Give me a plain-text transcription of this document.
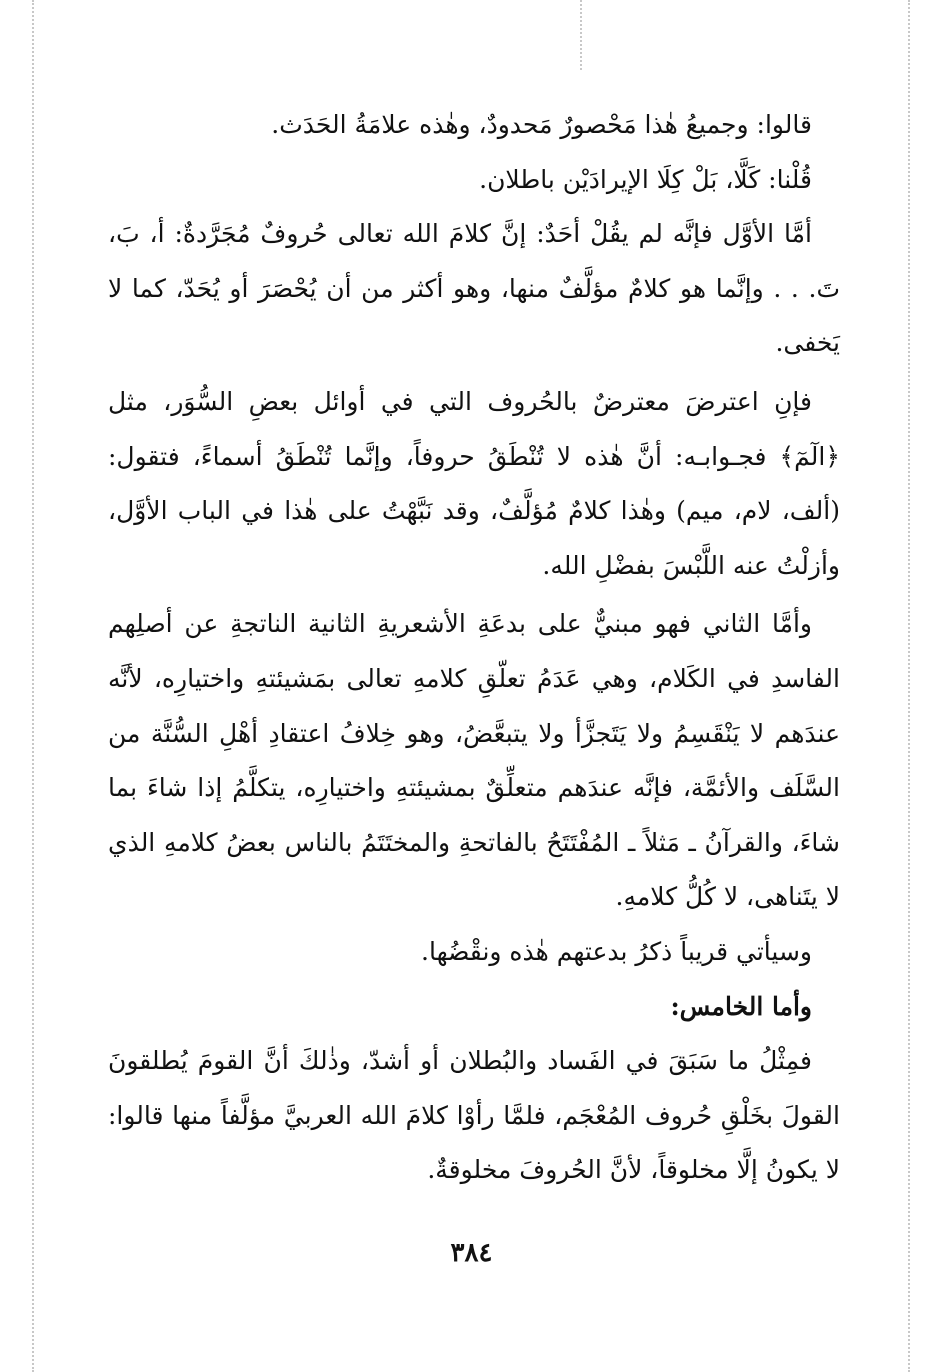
قالوا: وجميعُ هٰذا مَحْصورٌ مَحدودٌ، وهٰذه علامَةُ الحَدَث.

قُلْنا: كَلَّا، بَلْ كِلَا الإيرادَيْن باطلان.

أمَّا الأوَّل فإنَّه لم يقُلْ أحَدٌ: إنَّ كلامَ الله تعالى حُروفٌ مُجَرَّدةٌ: أ، بَ، تَ. . . وإنَّما هو كلامٌ مؤلَّفٌ منها، وهو أكثر من أن يُحْصَرَ أو يُحَدّ، كما لا يَخفى.

فإنِ اعترضَ معترضٌ بالحُروف التي في أوائل بعضِ السُّوَر، مثل ﴿الٓمٓ﴾ فجـوابـه: أنَّ هٰذه لا تُنْطَقُ حروفاً، وإنَّما تُنْطَقُ أسماءً، فتقول: (ألف، لام، ميم) وهٰذا كلامٌ مُؤلَّفٌ، وقد نَبَّهْتُ على هٰذا في الباب الأوَّل، وأزلْتُ عنه اللَّبْسَ بفضْلِ الله.

وأمَّا الثاني فهو مبنيٌّ على بدعَةِ الأشعريةِ الثانية الناتجةِ عن أصلِهم الفاسدِ في الكَلام، وهي عَدَمُ تعلّقِ كلامهِ تعالى بمَشيئتهِ واختيارِه، لأنَّه عندَهم لا يَنْقَسِمُ ولا يَتَجزَّأ ولا يتبعَّضُ، وهو خِلافُ اعتقادِ أهْلِ السُّنَّة من السَّلَف والأئمَّة، فإنَّه عندَهم متعلِّقٌ بمشيئتهِ واختيارِه، يتكلَّمُ إذا شاءَ بما شاءَ، والقرآنُ ـ مَثلاً ـ المُفْتَتَحُ بالفاتحةِ والمختَتَمُ بالناس بعضُ كلامهِ الذي لا يتَناهى، لا كُلُّ كلامهِ.

وسيأتي قريباً ذكرُ بدعتهم هٰذه ونقْضُها.

وأما الخامس:

فمِثْلُ ما سَبَقَ في الفَساد والبُطلان أو أشدّ، وذٰلكَ أنَّ القومَ يُطلقونَ القولَ بخَلْقِ حُروف المُعْجَم، فلمَّا رأوْا كلامَ الله العربيَّ مؤلَّفاً منها قالوا: لا يكونُ إلَّا مخلوقاً، لأنَّ الحُروفَ مخلوقةٌ.

٣٨٤
